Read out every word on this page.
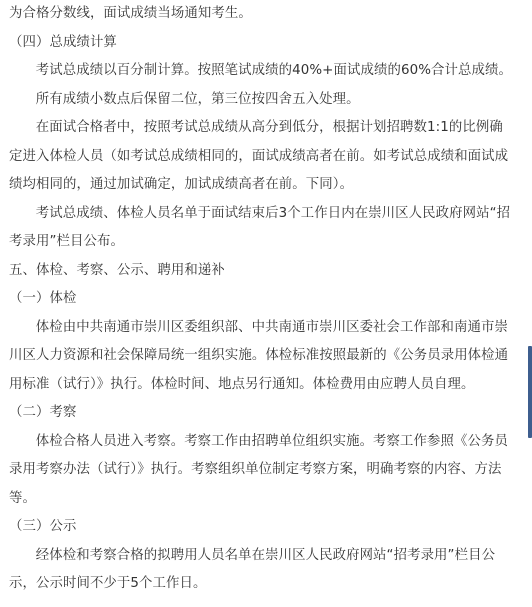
为合格分数线，面试成绩当场通知考生。

（四）总成绩计算

考试总成绩以百分制计算。按照笔试成绩的40%+面试成绩的60%合计总成绩。

所有成绩小数点后保留二位，第三位按四舍五入处理。

在面试合格者中，按照考试总成绩从高分到低分，根据计划招聘数1:1的比例确定进入体检人员（如考试总成绩相同的，面试成绩高者在前。如考试总成绩和面试成绩均相同的，通过加试确定，加试成绩高者在前。下同）。

考试总成绩、体检人员名单于面试结束后3个工作日内在崇川区人民政府网站“招考录用”栏目公布。

五、体检、考察、公示、聘用和递补

（一）体检

体检由中共南通市崇川区委组织部、中共南通市崇川区委社会工作部和南通市崇川区人力资源和社会保障局统一组织实施。体检标准按照最新的《公务员录用体检通用标准（试行）》执行。体检时间、地点另行通知。体检费用由应聘人员自理。

（二）考察

体检合格人员进入考察。考察工作由招聘单位组织实施。考察工作参照《公务员录用考察办法（试行）》执行。考察组织单位制定考察方案，明确考察的内容、方法等。

（三）公示

经体检和考察合格的拟聘用人员名单在崇川区人民政府网站“招考录用”栏目公示，公示时间不少于5个工作日。
